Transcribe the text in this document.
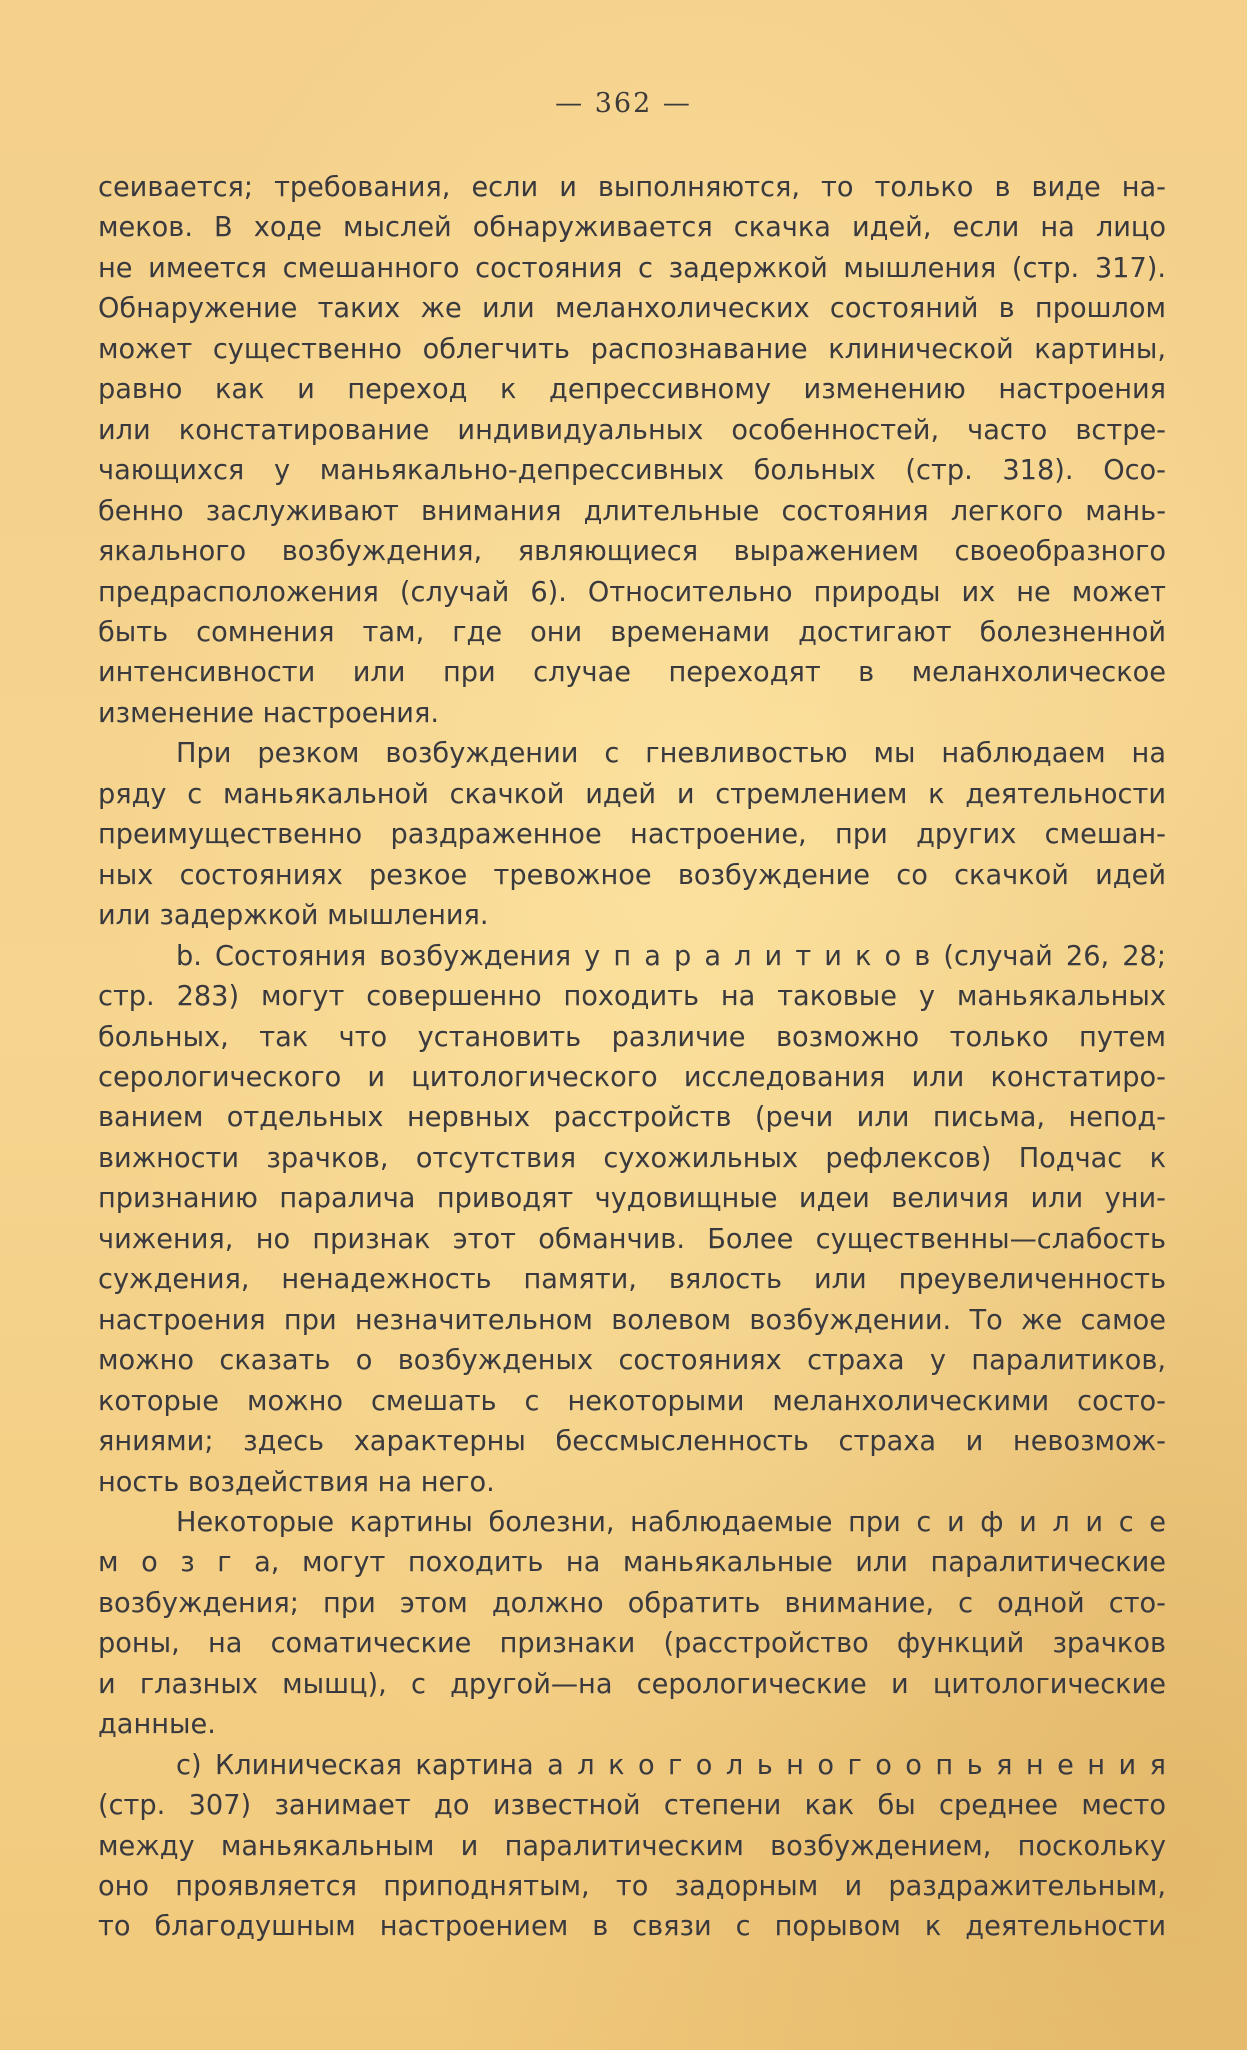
— 362 —

сеивается; требования, если и выполняются, то только в виде на-

меков. В ходе мыслей обнаруживается скачка идей, если на лицо

не имеется смешанного состояния с задержкой мышления (стр. 317).

Обнаружение таких же или меланхолических состояний в прошлом

может существенно облегчить распознавание клинической картины,

равно как и переход к депрессивному изменению настроения

или констатирование индивидуальных особенностей, часто встре-

чающихся у маньякально-депрессивных больных (стр. 318). Осо-

бенно заслуживают внимания длительные состояния легкого мань-

якального возбуждения, являющиеся выражением своеобразного

предрасположения (случай 6). Относительно природы их не может

быть сомнения там, где они временами достигают болезненной

интенсивности или при случае переходят в меланхолическое

изменение настроения.

При резком возбуждении с гневливостью мы наблюдаем на

ряду с маньякальной скачкой идей и стремлением к деятельности

преимущественно раздраженное настроение, при других смешан-

ных состояниях резкое тревожное возбуждение со скачкой идей

или задержкой мышления.

b. Состояния возбуждения у п а р а л и т и к о в (случай 26, 28;

стр. 283) могут совершенно походить на таковые у маньякальных

больных, так что установить различие возможно только путем

серологического и цитологического исследования или констатиро-

ванием отдельных нервных расстройств (речи или письма, непод-

вижности зрачков, отсутствия сухожильных рефлексов) Подчас к

признанию паралича приводят чудовищные идеи величия или уни-

чижения, но признак этот обманчив. Более существенны—слабость

суждения, ненадежность памяти, вялость или преувеличенность

настроения при незначительном волевом возбуждении. То же самое

можно сказать о возбужденых состояниях страха у паралитиков,

которые можно смешать с некоторыми меланхолическими состо-

яниями; здесь характерны бессмысленность страха и невозмож-

ность воздействия на него.

Некоторые картины болезни, наблюдаемые при с и ф и л и с е

м о з г а, могут походить на маньякальные или паралитические

возбуждения; при этом должно обратить внимание, с одной сто-

роны, на соматические признаки (расстройство функций зрачков

и глазных мышц), с другой—на серологические и цитологические

данные.

c) Клиническая картина а л к о г о л ь н о г о о п ь я н е н и я

(стр. 307) занимает до известной степени как бы среднее место

между маньякальным и паралитическим возбуждением, поскольку

оно проявляется приподнятым, то задорным и раздражительным,

то благодушным настроением в связи с порывом к деятельности
